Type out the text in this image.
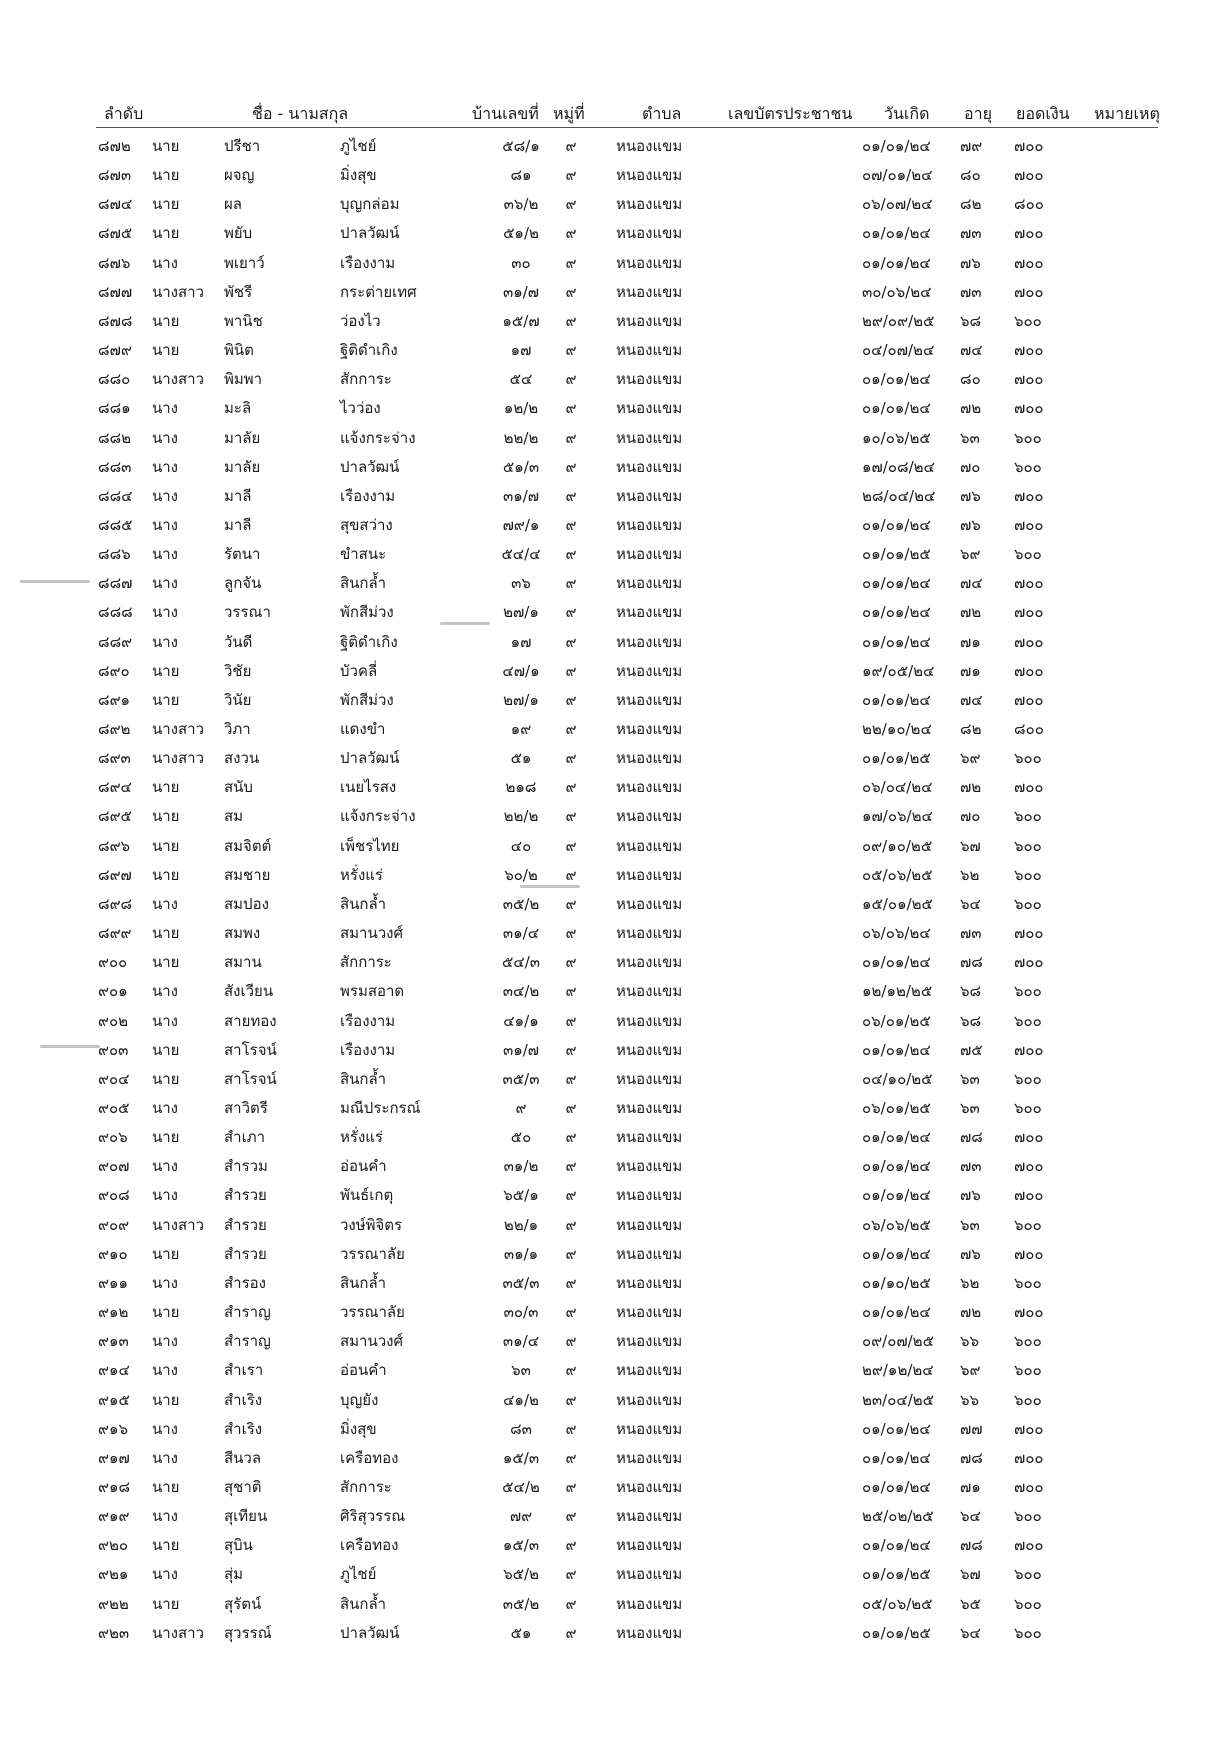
ลำดับ	ชื่อ - นามสกุล	บ้านเลขที่ หมู่ที่	ตำบล	เลขบัตรประชาชน วันเกิด อายุ ยอดเงิน หมายเหตุ
๘๗๒ นาย	ปรีชา	ภูไชย์	๕๘/๑	๙	หนองแขม	๐๑/๐๑/๒๔ ๗๙ ๗๐๐
๘๗๓ นาย	ผจญ	มิ่งสุข	๘๑	๙	หนองแขม	๐๗/๐๑/๒๔ ๘๐ ๗๐๐
๘๗๔ นาย	ผล	บุญกล่อม	๓๖/๒	๙	หนองแขม	๐๖/๐๗/๒๔ ๘๒ ๘๐๐
๘๗๕ นาย	พยับ	ปาลวัฒน์	๕๑/๒	๙	หนองแขม	๐๑/๐๑/๒๔ ๗๓ ๗๐๐
๘๗๖ นาง	พเยาว์	เรืองงาม	๓๐	๙	หนองแขม	๐๑/๐๑/๒๔ ๗๖ ๗๐๐
๘๗๗ นางสาว พัชรี	กระต่ายเทศ	๓๑/๗	๙	หนองแขม	๓๐/๐๖/๒๔ ๗๓ ๗๐๐
๘๗๘ นาย	พานิช	ว่องไว	๑๕/๗	๙	หนองแขม	๒๙/๐๙/๒๕ ๖๘ ๖๐๐
๘๗๙ นาย	พินิต	ฐิติดำเกิง	๑๗	๙	หนองแขม	๐๔/๐๗/๒๔ ๗๔ ๗๐๐
๘๘๐ นางสาว พิมพา	สักการะ	๕๔	๙	หนองแขม	๐๑/๐๑/๒๔ ๘๐ ๗๐๐
๘๘๑ นาง	มะลิ	ไวว่อง	๑๒/๒	๙	หนองแขม	๐๑/๐๑/๒๔ ๗๒ ๗๐๐
๘๘๒ นาง	มาลัย	แจ้งกระจ่าง	๒๒/๒	๙	หนองแขม	๑๐/๐๖/๒๕ ๖๓ ๖๐๐
๘๘๓ นาง	มาลัย	ปาลวัฒน์	๕๑/๓	๙	หนองแขม	๑๗/๐๘/๒๔ ๗๐ ๖๐๐
๘๘๔ นาง	มาลี	เรืองงาม	๓๑/๗	๙	หนองแขม	๒๘/๐๔/๒๔ ๗๖ ๗๐๐
๘๘๕ นาง	มาลี	สุขสว่าง	๗๙/๑	๙	หนองแขม	๐๑/๐๑/๒๔ ๗๖ ๗๐๐
๘๘๖ นาง	รัตนา	ขำสนะ	๕๔/๔	๙	หนองแขม	๐๑/๐๑/๒๕ ๖๙ ๖๐๐
๘๘๗ นาง	ลูกจัน	สินกล้ำ	๓๖	๙	หนองแขม	๐๑/๐๑/๒๔ ๗๔ ๗๐๐
๘๘๘ นาง	วรรณา	พักสีม่วง	๒๗/๑	๙	หนองแขม	๐๑/๐๑/๒๔ ๗๒ ๗๐๐
๘๘๙ นาง	วันดี	ฐิติดำเกิง	๑๗	๙	หนองแขม	๐๑/๐๑/๒๔ ๗๑ ๗๐๐
๘๙๐ นาย	วิชัย	บัวคลี่	๔๗/๑	๙	หนองแขม	๑๙/๐๕/๒๔ ๗๑ ๗๐๐
๘๙๑ นาย	วินัย	พักสีม่วง	๒๗/๑	๙	หนองแขม	๐๑/๐๑/๒๔ ๗๔ ๗๐๐
๘๙๒ นางสาว วิภา	แดงขำ	๑๙	๙	หนองแขม	๒๒/๑๐/๒๔ ๘๒ ๘๐๐
๘๙๓ นางสาว สงวน	ปาลวัฒน์	๕๑	๙	หนองแขม	๐๑/๐๑/๒๕ ๖๙ ๖๐๐
๘๙๔ นาย	สนับ	เนยไรสง	๒๑๘	๙	หนองแขม	๐๖/๐๔/๒๔ ๗๒ ๗๐๐
๘๙๕ นาย	สม	แจ้งกระจ่าง	๒๒/๒	๙	หนองแขม	๑๗/๐๖/๒๔ ๗๐ ๖๐๐
๘๙๖ นาย	สมจิตต์	เพ็ชรไทย	๔๐	๙	หนองแขม	๐๙/๑๐/๒๕ ๖๗ ๖๐๐
๘๙๗ นาย	สมชาย	หรั่งแร่	๖๐/๒	๙	หนองแขม	๐๕/๐๖/๒๕ ๖๒ ๖๐๐
๘๙๘ นาง	สมปอง	สินกล้ำ	๓๕/๒	๙	หนองแขม	๑๕/๐๑/๒๕ ๖๔ ๖๐๐
๘๙๙ นาย	สมพง	สมานวงศ์	๓๑/๔	๙	หนองแขม	๐๖/๐๖/๒๔ ๗๓ ๗๐๐
๙๐๐ นาย	สมาน	สักการะ	๕๔/๓	๙	หนองแขม	๐๑/๐๑/๒๔ ๗๘ ๗๐๐
๙๐๑ นาง	สังเวียน	พรมสอาด	๓๔/๒	๙	หนองแขม	๑๒/๑๒/๒๕ ๖๘ ๖๐๐
๙๐๒ นาง	สายทอง	เรืองงาม	๔๑/๑	๙	หนองแขม	๐๖/๐๑/๒๕ ๖๘ ๖๐๐
๙๐๓ นาย	สาโรจน์	เรืองงาม	๓๑/๗	๙	หนองแขม	๐๑/๐๑/๒๔ ๗๕ ๗๐๐
๙๐๔ นาย	สาโรจน์	สินกล้ำ	๓๕/๓	๙	หนองแขม	๐๔/๑๐/๒๕ ๖๓ ๖๐๐
๙๐๕ นาง	สาวิตรี	มณีประกรณ์	๙	๙	หนองแขม	๐๖/๐๑/๒๕ ๖๓ ๖๐๐
๙๐๖ นาย	สำเภา	หรั่งแร่	๕๐	๙	หนองแขม	๐๑/๐๑/๒๔ ๗๘ ๗๐๐
๙๐๗ นาง	สำรวม	อ่อนคำ	๓๑/๒	๙	หนองแขม	๐๑/๐๑/๒๔ ๗๓ ๗๐๐
๙๐๘ นาง	สำรวย	พันธ์เกตุ	๖๕/๑	๙	หนองแขม	๐๑/๐๑/๒๔ ๗๖ ๗๐๐
๙๐๙ นางสาว สำรวย	วงษ์พิจิตร	๒๒/๑	๙	หนองแขม	๐๖/๐๖/๒๕ ๖๓ ๖๐๐
๙๑๐ นาย	สำรวย	วรรณาลัย	๓๑/๑	๙	หนองแขม	๐๑/๐๑/๒๔ ๗๖ ๗๐๐
๙๑๑ นาง	สำรอง	สินกล้ำ	๓๕/๓	๙	หนองแขม	๐๑/๑๐/๒๕ ๖๒ ๖๐๐
๙๑๒ นาย	สำราญ	วรรณาลัย	๓๐/๓	๙	หนองแขม	๐๑/๐๑/๒๔ ๗๒ ๗๐๐
๙๑๓ นาง	สำราญ	สมานวงศ์	๓๑/๔	๙	หนองแขม	๐๙/๐๗/๒๕ ๖๖ ๖๐๐
๙๑๔ นาง	สำเรา	อ่อนคำ	๖๓	๙	หนองแขม	๒๙/๑๒/๒๔ ๖๙ ๖๐๐
๙๑๕ นาย	สำเริง	บุญยัง	๔๑/๒	๙	หนองแขม	๒๓/๐๔/๒๕ ๖๖ ๖๐๐
๙๑๖ นาง	สำเริง	มิ่งสุข	๘๓	๙	หนองแขม	๐๑/๐๑/๒๔ ๗๗ ๗๐๐
๙๑๗ นาง	สีนวล	เครือทอง	๑๕/๓	๙	หนองแขม	๐๑/๐๑/๒๔ ๗๘ ๗๐๐
๙๑๘ นาย	สุชาติ	สักการะ	๕๔/๒	๙	หนองแขม	๐๑/๐๑/๒๔ ๗๑ ๗๐๐
๙๑๙ นาง	สุเทียน	ศิริสุวรรณ	๗๙	๙	หนองแขม	๒๕/๐๒/๒๕ ๖๔ ๖๐๐
๙๒๐ นาย	สุบิน	เครือทอง	๑๕/๓	๙	หนองแขม	๐๑/๐๑/๒๔ ๗๘ ๗๐๐
๙๒๑ นาง	สุ่ม	ภูไชย์	๖๕/๒	๙	หนองแขม	๐๑/๐๑/๒๕ ๖๗ ๖๐๐
๙๒๒ นาย	สุรัตน์	สินกล้ำ	๓๕/๒	๙	หนองแขม	๐๕/๐๖/๒๕ ๖๕ ๖๐๐
๙๒๓ นางสาว สุวรรณ์	ปาลวัฒน์	๕๑	๙	หนองแขม	๐๑/๐๑/๒๕ ๖๔ ๖๐๐
